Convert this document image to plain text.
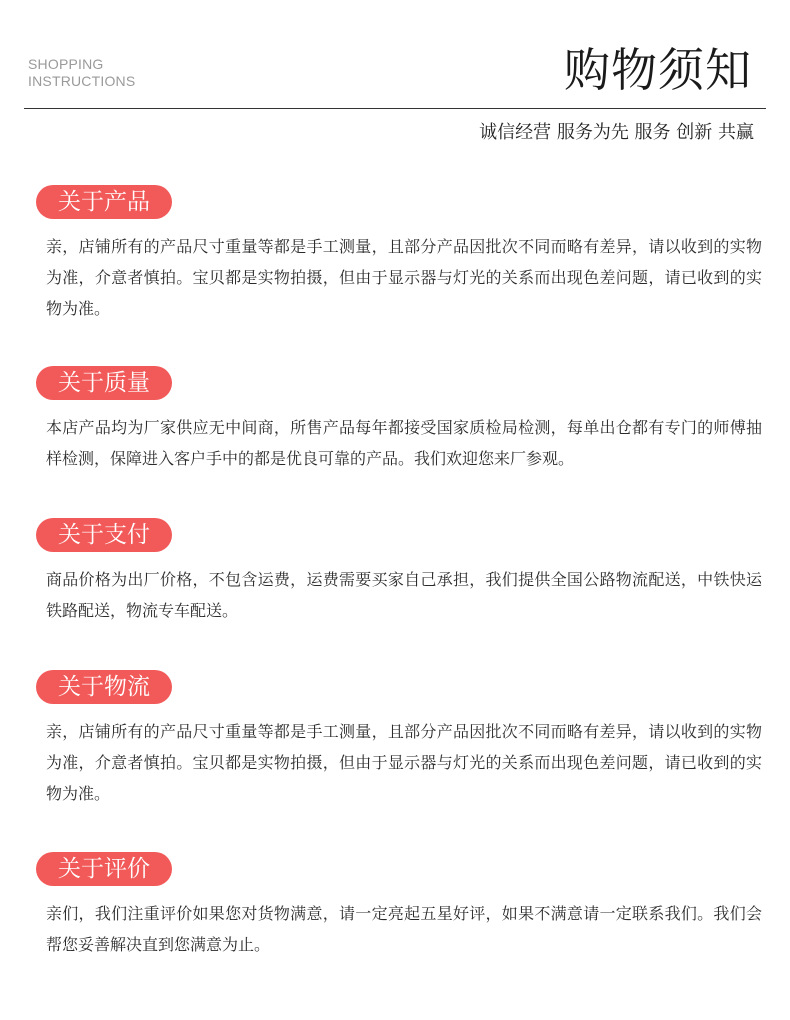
SHOPPING
INSTRUCTIONS	购物须知
诚信经营 服务为先 服务 创新 共赢
关于产品
亲，店铺所有的产品尺寸重量等都是手工测量，且部分产品因批次不同而略有差异，请以收到的实物为准，介意者慎拍。宝贝都是实物拍摄，但由于显示器与灯光的关系而出现色差问题，请已收到的实物为准。
关于质量
本店产品均为厂家供应无中间商，所售产品每年都接受国家质检局检测，每单出仓都有专门的师傅抽样检测，保障进入客户手中的都是优良可靠的产品。我们欢迎您来厂参观。
关于支付
商品价格为出厂价格，不包含运费，运费需要买家自己承担，我们提供全国公路物流配送，中铁快运铁路配送，物流专车配送。
关于物流
亲，店铺所有的产品尺寸重量等都是手工测量，且部分产品因批次不同而略有差异，请以收到的实物为准，介意者慎拍。宝贝都是实物拍摄，但由于显示器与灯光的关系而出现色差问题，请已收到的实物为准。
关于评价
亲们，我们注重评价如果您对货物满意，请一定亮起五星好评，如果不满意请一定联系我们。我们会帮您妥善解决直到您满意为止。
